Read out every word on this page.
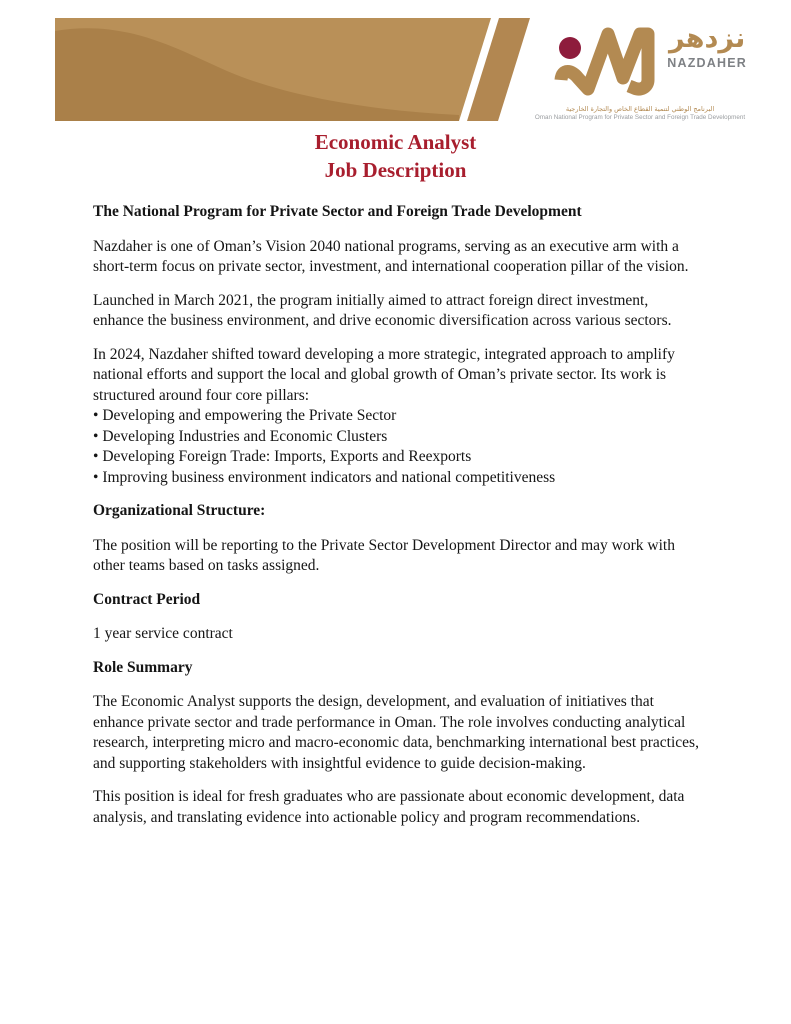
نزدهر
NAZDAHER
البرنامج الوطني لتنمية القطاع الخاص والتجارة الخارجية
Oman National Program for Private Sector and Foreign Trade Development
Economic Analyst
Job Description
The National Program for Private Sector and Foreign Trade Development

Nazdaher is one of Oman’s Vision 2040 national programs, serving as an executive arm with a short-term focus on private sector, investment, and international cooperation pillar of the vision.

Launched in March 2021, the program initially aimed to attract foreign direct investment, enhance the business environment, and drive economic diversification across various sectors.

In 2024, Nazdaher shifted toward developing a more strategic, integrated approach to amplify national efforts and support the local and global growth of Oman’s private sector. Its work is structured around four core pillars:
• Developing and empowering the Private Sector
• Developing Industries and Economic Clusters
• Developing Foreign Trade: Imports, Exports and Reexports
• Improving business environment indicators and national competitiveness
Organizational Structure:

The position will be reporting to the Private Sector Development Director and may work with other teams based on tasks assigned.

Contract Period

1 year service contract

Role Summary

The Economic Analyst supports the design, development, and evaluation of initiatives that enhance private sector and trade performance in Oman. The role involves conducting analytical research, interpreting micro and macro-economic data, benchmarking international best practices, and supporting stakeholders with insightful evidence to guide decision-making.

This position is ideal for fresh graduates who are passionate about economic development, data analysis, and translating evidence into actionable policy and program recommendations.
